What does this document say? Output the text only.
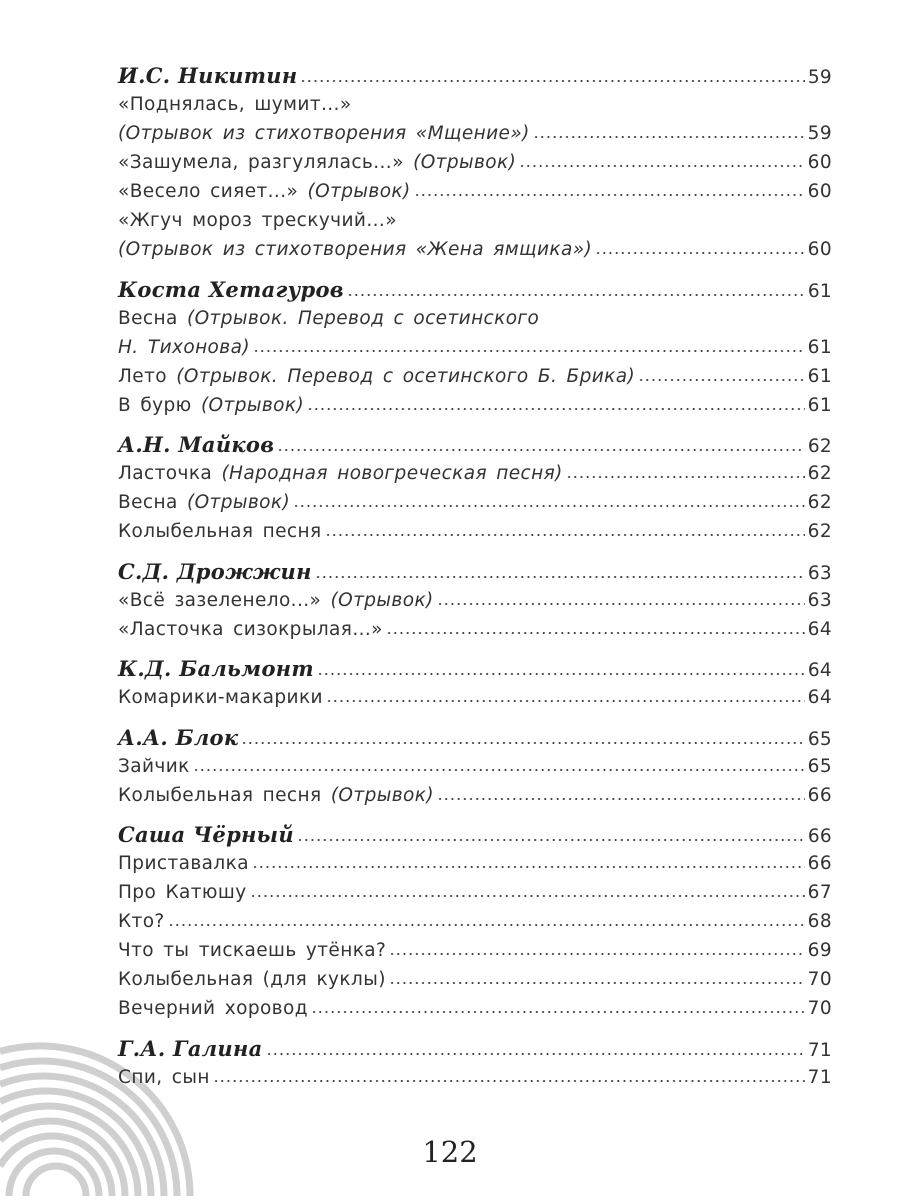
И.С. Никитин	59
«Поднялась, шумит...»
(Отрывок из стихотворения «Мщение»)	59
«Зашумела, разгулялась...» (Отрывок)	60
«Весело сияет...» (Отрывок)	60
«Жгуч мороз трескучий...»
(Отрывок из стихотворения «Жена ямщика»)	60
Коста Хетагуров	61
Весна (Отрывок. Перевод с осетинского
Н. Тихонова)	61
Лето (Отрывок. Перевод с осетинского Б. Брика)	61
В бурю (Отрывок)	61
А.Н. Майков	62
Ласточка (Народная новогреческая песня)	62
Весна (Отрывок)	62
Колыбельная песня	62
С.Д. Дрожжин	63
«Всё зазеленело...» (Отрывок)	63
«Ласточка сизокрылая...»	64
К.Д. Бальмонт	64
Комарики-макарики	64
А.А. Блок	65
Зайчик	65
Колыбельная песня (Отрывок)	66
Саша Чёрный	66
Приставалка	66
Про Катюшу	67
Кто?	68
Что ты тискаешь утёнка?	69
Колыбельная (для куклы)	70
Вечерний хоровод	70
Г.А. Галина	71
Спи, сын	71
122
